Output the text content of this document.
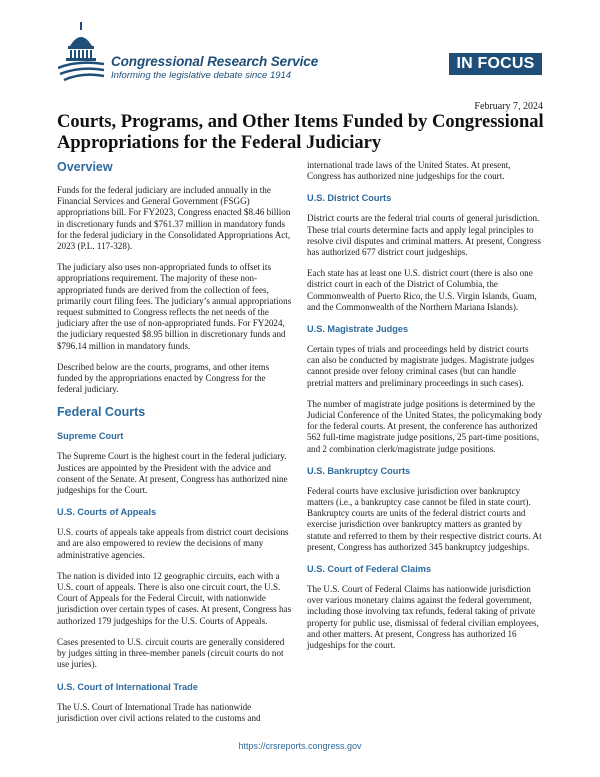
Congressional Research Service
Informing the legislative debate since 1914
IN FOCUS
February 7, 2024
Courts, Programs, and Other Items Funded by Congressional Appropriations for the Federal Judiciary
Overview

Funds for the federal judiciary are included annually in the Financial Services and General Government (FSGG) appropriations bill. For FY2023, Congress enacted $8.46 billion in discretionary funds and $761.37 million in mandatory funds for the federal judiciary in the Consolidated Appropriations Act, 2023 (P.L. 117-328).

The judiciary also uses non-appropriated funds to offset its appropriations requirement. The majority of these non-appropriated funds are derived from the collection of fees, primarily court filing fees. The judiciary’s annual appropriations request submitted to Congress reflects the net needs of the judiciary after the use of non-appropriated funds. For FY2024, the judiciary requested $8.95 billion in discretionary funds and $796.14 million in mandatory funds.

Described below are the courts, programs, and other items funded by the appropriations enacted by Congress for the federal judiciary.

Federal Courts
Supreme Court

The Supreme Court is the highest court in the federal judiciary. Justices are appointed by the President with the advice and consent of the Senate. At present, Congress has authorized nine judgeships for the Court.

U.S. Courts of Appeals

U.S. courts of appeals take appeals from district court decisions and are also empowered to review the decisions of many administrative agencies.

The nation is divided into 12 geographic circuits, each with a U.S. court of appeals. There is also one circuit court, the U.S. Court of Appeals for the Federal Circuit, with nationwide jurisdiction over certain types of cases. At present, Congress has authorized 179 judgeships for the U.S. Courts of Appeals.

Cases presented to U.S. circuit courts are generally considered by judges sitting in three-member panels (circuit courts do not use juries).

U.S. Court of International Trade

The U.S. Court of International Trade has nationwide jurisdiction over civil actions related to the customs and

international trade laws of the United States. At present, Congress has authorized nine judgeships for the court.

U.S. District Courts

District courts are the federal trial courts of general jurisdiction. These trial courts determine facts and apply legal principles to resolve civil disputes and criminal matters. At present, Congress has authorized 677 district court judgeships.

Each state has at least one U.S. district court (there is also one district court in each of the District of Columbia, the Commonwealth of Puerto Rico, the U.S. Virgin Islands, Guam, and the Commonwealth of the Northern Mariana Islands).

U.S. Magistrate Judges

Certain types of trials and proceedings held by district courts can also be conducted by magistrate judges. Magistrate judges cannot preside over felony criminal cases (but can handle pretrial matters and preliminary proceedings in such cases).

The number of magistrate judge positions is determined by the Judicial Conference of the United States, the policymaking body for the federal courts. At present, the conference has authorized 562 full-time magistrate judge positions, 25 part-time positions, and 2 combination clerk/magistrate judge positions.

U.S. Bankruptcy Courts

Federal courts have exclusive jurisdiction over bankruptcy matters (i.e., a bankruptcy case cannot be filed in state court). Bankruptcy courts are units of the federal district courts and exercise jurisdiction over bankruptcy matters as granted by statute and referred to them by their respective district courts. At present, Congress has authorized 345 bankruptcy judgeships.

U.S. Court of Federal Claims

The U.S. Court of Federal Claims has nationwide jurisdiction over various monetary claims against the federal government, including those involving tax refunds, federal taking of private property for public use, dismissal of federal civilian employees, and other matters. At present, Congress has authorized 16 judgeships for the court.

https://crsreports.congress.gov
